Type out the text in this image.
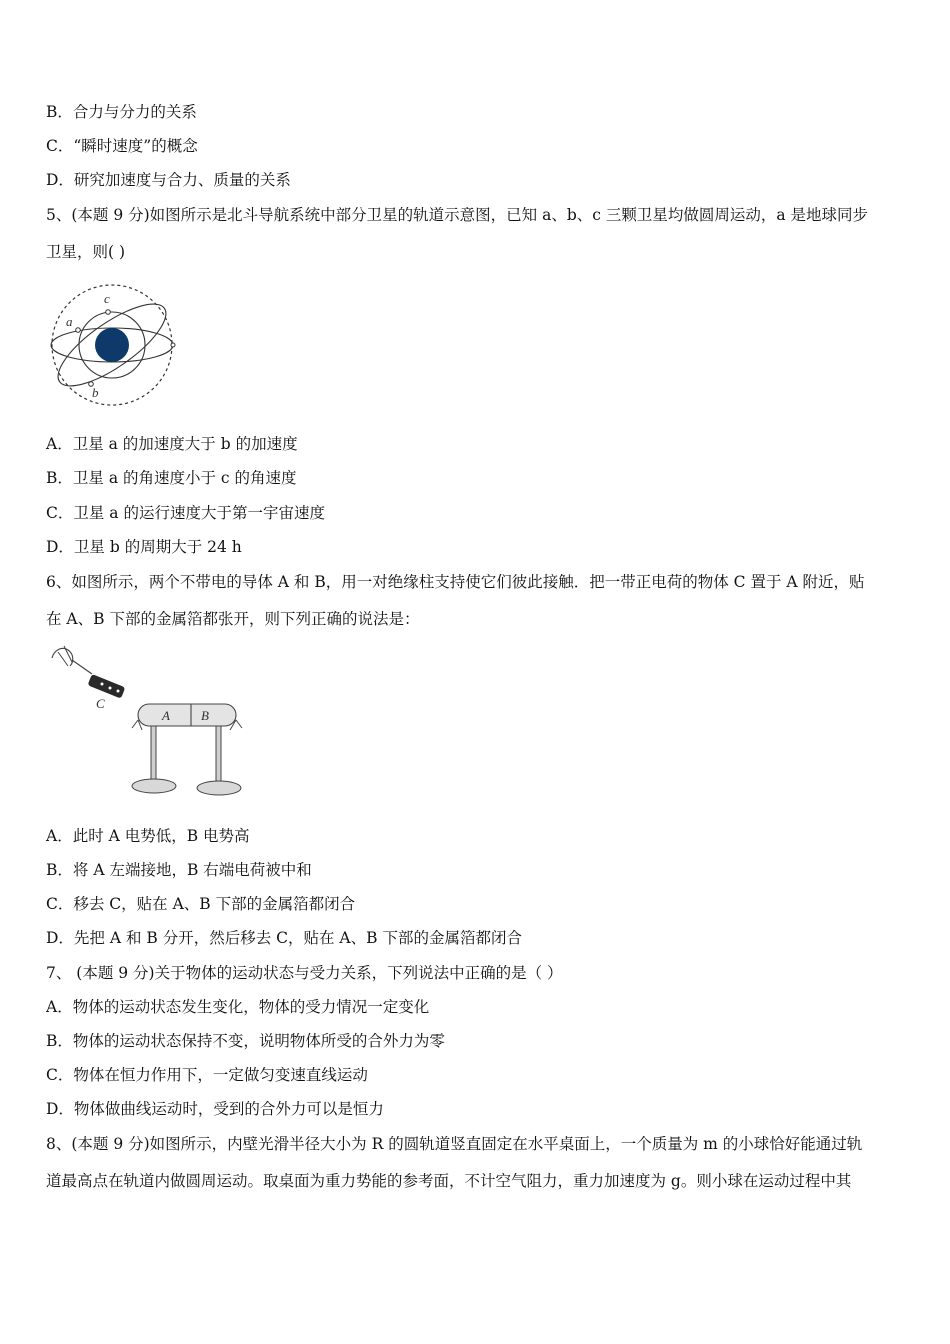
B．合力与分力的关系
C．“瞬时速度”的概念
D．研究加速度与合力、质量的关系
5、(本题 9 分)如图所示是北斗导航系统中部分卫星的轨道示意图，已知 a、b、c 三颗卫星均做圆周运动，a 是地球同步
卫星，则( )
a
c
b
A．卫星 a 的加速度大于 b 的加速度
B．卫星 a 的角速度小于 c 的角速度
C．卫星 a 的运行速度大于第一宇宙速度
D．卫星 b 的周期大于 24 h
6、如图所示，两个不带电的导体 A 和 B，用一对绝缘柱支持使它们彼此接触．把一带正电荷的物体 C 置于 A 附近，贴
在 A、B 下部的金属箔都张开，则下列正确的说法是：
C
A B
A．此时 A 电势低，B 电势高
B．将 A 左端接地，B 右端电荷被中和
C．移去 C，贴在 A、B 下部的金属箔都闭合
D．先把 A 和 B 分开，然后移去 C，贴在 A、B 下部的金属箔都闭合
7、 (本题 9 分)关于物体的运动状态与受力关系，下列说法中正确的是（ ）
A．物体的运动状态发生变化，物体的受力情况一定变化
B．物体的运动状态保持不变，说明物体所受的合外力为零
C．物体在恒力作用下，一定做匀变速直线运动
D．物体做曲线运动时，受到的合外力可以是恒力
8、(本题 9 分)如图所示，内壁光滑半径大小为 R 的圆轨道竖直固定在水平桌面上，一个质量为 m 的小球恰好能通过轨
道最高点在轨道内做圆周运动。取桌面为重力势能的参考面，不计空气阻力，重力加速度为 g。则小球在运动过程中其
